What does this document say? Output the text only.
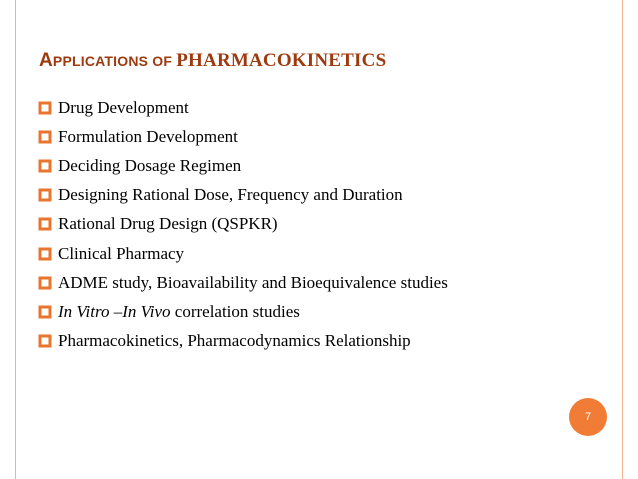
APPLICATIONS OF PHARMACOKINETICS
Drug Development
Formulation Development
Deciding Dosage Regimen
Designing Rational Dose, Frequency and Duration
Rational Drug Design (QSPKR)
Clinical Pharmacy
ADME study, Bioavailability and Bioequivalence studies
In Vitro –In Vivo correlation studies
Pharmacokinetics, Pharmacodynamics Relationship
7
